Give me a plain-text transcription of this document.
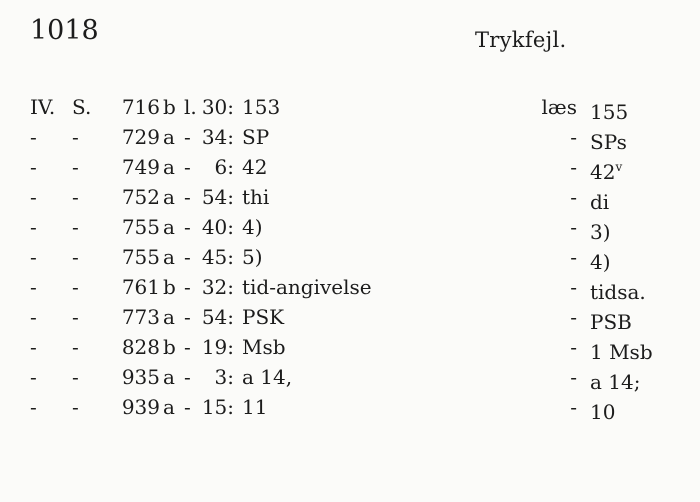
1018	Trykfejl.
IV. S.	716 b l. 30: 153	læs 155
-	-	729 a - 34: SP	- SPs
-	-	749 a -	6: 42	- 42$^v$
-	-	752 a - 54: thi	- di
-	-	755 a - 40: 4)	- 3)
-	-	755 a - 45: 5)	- 4)
-	-	761 b - 32: tid-angivelse	- tidsa.
-	-	773 a - 54: PSK	- PSB
-	-	828 b - 19: Msb	- 1 Msb
-	-	935 a -	3: a 14,	- a 14;
-	-	939 a - 15: 11	- 10
